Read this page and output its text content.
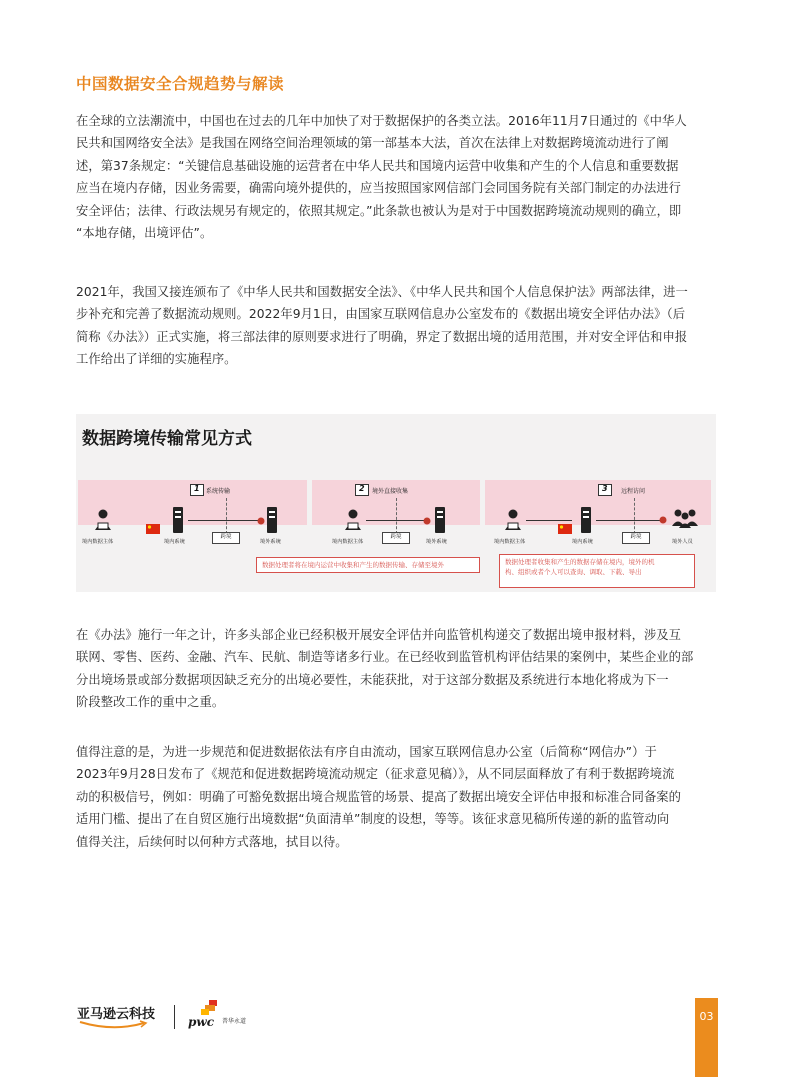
中国数据安全合规趋势与解读
在全球的立法潮流中，中国也在过去的几年中加快了对于数据保护的各类立法。2016年11月7日通过的《中华人
民共和国网络安全法》是我国在网络空间治理领域的第一部基本大法，首次在法律上对数据跨境流动进行了阐
述，第37条规定：“关键信息基础设施的运营者在中华人民共和国境内运营中收集和产生的个人信息和重要数据
应当在境内存储，因业务需要，确需向境外提供的，应当按照国家网信部门会同国务院有关部门制定的办法进行
安全评估；法律、行政法规另有规定的，依照其规定。”此条款也被认为是对于中国数据跨境流动规则的确立，即
“本地存储，出境评估”。
2021年，我国又接连颁布了《中华人民共和国数据安全法》、《中华人民共和国个人信息保护法》两部法律，进一
步补充和完善了数据流动规则。2022年9月1日，由国家互联网信息办公室发布的《数据出境安全评估办法》（后
简称《办法》）正式实施，将三部法律的原则要求进行了明确，界定了数据出境的适用范围，并对安全评估和申报
工作给出了详细的实施程序。
数据跨境传输常见方式
1 系统传输
境内数据主体	境内系统
跨境
境外系统
2 境外直接收集
境内数据主体
跨境
境外系统
3 远程访问
境内数据主体	境内系统
跨境
境外人员
数据处理者将在境内运营中收集和产生的数据传输、存储至境外	数据处理者收集和产生的数据存储在境内，境外的机
构、组织或者个人可以查询、调取、下载、导出
在《办法》施行一年之计，许多头部企业已经积极开展安全评估并向监管机构递交了数据出境申报材料，涉及互
联网、零售、医药、金融、汽车、民航、制造等诸多行业。在已经收到监管机构评估结果的案例中，某些企业的部
分出境场景或部分数据项因缺乏充分的出境必要性，未能获批，对于这部分数据及系统进行本地化将成为下一
阶段整改工作的重中之重。
值得注意的是，为进一步规范和促进数据依法有序自由流动，国家互联网信息办公室（后简称“网信办”）于
2023年9月28日发布了《规范和促进数据跨境流动规定（征求意见稿）》，从不同层面释放了有利于数据跨境流
动的积极信号，例如：明确了可豁免数据出境合规监管的场景、提高了数据出境安全评估申报和标准合同备案的
适用门槛、提出了在自贸区施行出境数据“负面清单”制度的设想，等等。该征求意见稿所传递的新的监管动向
值得关注，后续何时以何种方式落地，拭目以待。
亚马逊云科技	pwc 普华永道	03
